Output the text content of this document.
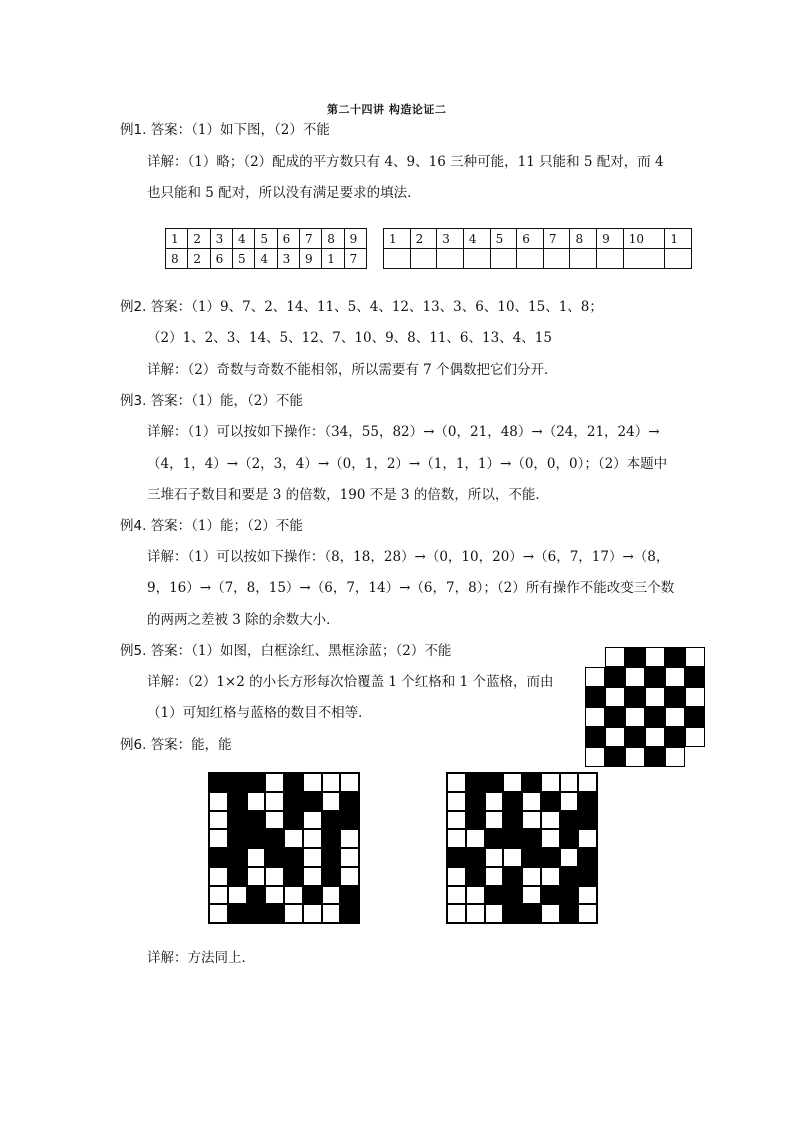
第二十四讲 构造论证二
例1. 答案：（1）如下图，（2）不能
详解：（1）略；（2）配成的平方数只有 4、9、16 三种可能，11 只能和 5 配对，而 4
也只能和 5 配对，所以没有满足要求的填法．
1	2	3	4	5	6	7	8	9
8	2	6	5	4	3	9	1	7
1	2	3	4	5	6	7	8	9	10	1

例2. 答案：（1）9、7、2、14、11、5、4、12、13、3、6、10、15、1、8；
（2）1、2、3、14、5、12、7、10、9、8、11、6、13、4、15
详解：（2）奇数与奇数不能相邻，所以需要有 7 个偶数把它们分开．
例3. 答案：（1）能，（2）不能
详解：（1）可以按如下操作：（34，55，82）→（0，21，48）→（24，21，24）→
（4，1，4）→（2，3，4）→（0，1，2）→（1，1，1）→（0，0，0）；（2）本题中
三堆石子数目和要是 3 的倍数，190 不是 3 的倍数，所以，不能．
例4. 答案：（1）能；（2）不能
详解：（1）可以按如下操作：（8，18，28）→（0，10，20）→（6，7，17）→（8，
9，16）→（7，8，15）→（6，7，14）→（6，7，8）；（2）所有操作不能改变三个数
的两两之差被 3 除的余数大小．
例5. 答案：（1）如图，白框涂红、黑框涂蓝；（2）不能
详解：（2）1×2 的小长方形每次恰覆盖 1 个红格和 1 个蓝格，而由
（1）可知红格与蓝格的数目不相等．
例6. 答案：能，能
详解：方法同上．
